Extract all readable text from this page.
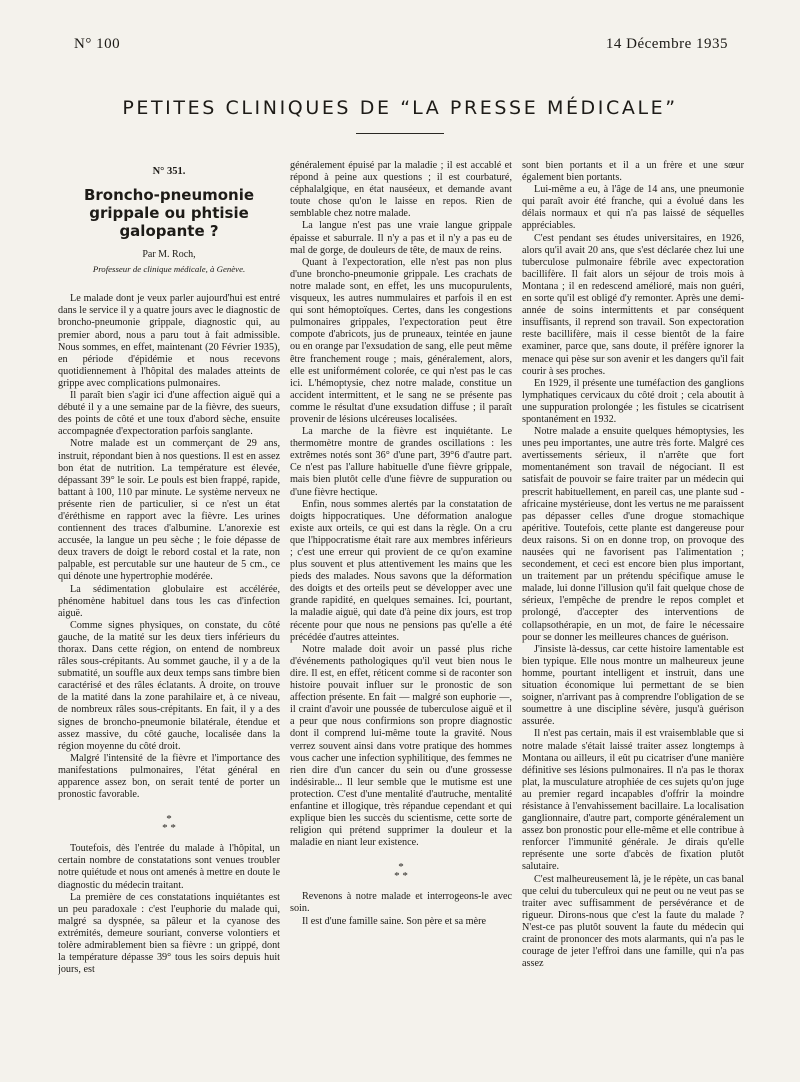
N° 100	14 Décembre 1935
PETITES CLINIQUES DE “LA PRESSE MÉDICALE”
N° 351.
Broncho-pneumonie grippale ou phtisie galopante ?
Par M. Roch,
Professeur de clinique médicale, à Genève.

Le malade dont je veux parler aujourd'hui est entré dans le service il y a quatre jours avec le diagnostic de broncho-pneumonie grippale, diagnostic qui, au premier abord, nous a paru tout à fait admissible. Nous sommes, en effet, maintenant (20 Février 1935), en période d'épidémie et nous recevons quotidiennement à l'hôpital des malades atteints de grippe avec complications pulmonaires.

Il paraît bien s'agir ici d'une affection aiguë qui a débuté il y a une semaine par de la fièvre, des sueurs, des points de côté et une toux d'abord sèche, ensuite accompagnée d'expectoration parfois sanglante.

Notre malade est un commerçant de 29 ans, instruit, répondant bien à nos questions. Il est en assez bon état de nutrition. La température est élevée, dépassant 39° le soir. Le pouls est bien frappé, rapide, battant à 100, 110 par minute. Le système nerveux ne présente rien de particulier, si ce n'est un état d'éréthisme en rapport avec la fièvre. Les urines contiennent des traces d'albumine. L'anorexie est accusée, la langue un peu sèche ; le foie dépasse de deux travers de doigt le rebord costal et la rate, non palpable, est percutable sur une hauteur de 5 cm., ce qui dénote une hypertrophie modérée.

La sédimentation globulaire est accélérée, phénomène habituel dans tous les cas d'infection aiguë.

Comme signes physiques, on constate, du côté gauche, de la matité sur les deux tiers inférieurs du thorax. Dans cette région, on entend de nombreux râles sous-crépitants. Au sommet gauche, il y a de la submatité, un souffle aux deux temps sans timbre bien caractérisé et des râles éclatants. A droite, on trouve de la matité dans la zone parahilaire et, à ce niveau, de nombreux râles sous-crépitants. En fait, il y a des signes de broncho-pneumonie bilatérale, étendue et assez massive, du côté gauche, localisée dans la région moyenne du côté droit.

Malgré l'intensité de la fièvre et l'importance des manifestations pulmonaires, l'état général en apparence assez bon, on serait tenté de porter un pronostic favorable.

*
* *

Toutefois, dès l'entrée du malade à l'hôpital, un certain nombre de constatations sont venues troubler notre quiétude et nous ont amenés à mettre en doute le diagnostic du médecin traitant.

La première de ces constatations inquiétantes est un peu paradoxale : c'est l'euphorie du malade qui, malgré sa dyspnée, sa pâleur et la cyanose des extrémités, demeure souriant, converse volontiers et tolère admirablement bien sa fièvre : un grippé, dont la température dépasse 39° tous les soirs depuis huit jours, est

généralement épuisé par la maladie ; il est accablé et répond à peine aux questions ; il est courbaturé, céphalalgique, en état nauséeux, et demande avant toute chose qu'on le laisse en repos. Rien de semblable chez notre malade.

La langue n'est pas une vraie langue grippale épaisse et saburrale. Il n'y a pas et il n'y a pas eu de mal de gorge, de douleurs de tête, de maux de reins.

Quant à l'expectoration, elle n'est pas non plus d'une broncho-pneumonie grippale. Les crachats de notre malade sont, en effet, les uns mucopurulents, visqueux, les autres nummulaires et parfois il en est qui sont hémoptoïques. Certes, dans les congestions pulmonaires grippales, l'expectoration peut être compote d'abricots, jus de pruneaux, teintée en jaune ou en orange par l'exsudation de sang, elle peut même être franchement rouge ; mais, généralement, alors, elle est uniformément colorée, ce qui n'est pas le cas ici. L'hémoptysie, chez notre malade, constitue un accident intermittent, et le sang ne se présente pas comme le résultat d'une exsudation diffuse ; il paraît provenir de lésions ulcéreuses localisées.

La marche de la fièvre est inquiétante. Le thermomètre montre de grandes oscillations : les extrêmes notés sont 36° d'une part, 39°6 d'autre part. Ce n'est pas l'allure habituelle d'une fièvre grippale, mais bien plutôt celle d'une fièvre de suppuration ou d'une fièvre hectique.

Enfin, nous sommes alertés par la constatation de doigts hippocratiques. Une déformation analogue existe aux orteils, ce qui est dans la règle. On a cru que l'hippocratisme était rare aux membres inférieurs ; c'est une erreur qui provient de ce qu'on examine plus souvent et plus attentivement les mains que les pieds des malades. Nous savons que la déformation des doigts et des orteils peut se développer avec une grande rapidité, en quelques semaines. Ici, pourtant, la maladie aiguë, qui date d'à peine dix jours, est trop récente pour que nous ne pensions pas qu'elle a été précédée d'autres atteintes.

Notre malade doit avoir un passé plus riche d'événements pathologiques qu'il veut bien nous le dire. Il est, en effet, réticent comme si de raconter son histoire pouvait influer sur le pronostic de son affection présente. En fait — malgré son euphorie —, il craint d'avoir une poussée de tuberculose aiguë et il a peur que nous confirmions son propre diagnostic dont il comprend lui-même toute la gravité. Nous verrez souvent ainsi dans votre pratique des hommes vous cacher une infection syphilitique, des femmes ne rien dire d'un cancer du sein ou d'une grossesse indésirable... Il leur semble que le mutisme est une protection. C'est d'une mentalité d'autruche, mentalité enfantine et illogique, très répandue cependant et qui explique bien les succès du scientisme, cette sorte de religion qui prétend supprimer la douleur et la maladie en niant leur existence.

*
* *

Revenons à notre malade et interrogeons-le avec soin.

Il est d'une famille saine. Son père et sa mère

sont bien portants et il a un frère et une sœur également bien portants.

Lui-même a eu, à l'âge de 14 ans, une pneumonie qui paraît avoir été franche, qui a évolué dans les délais normaux et qui n'a pas laissé de séquelles appréciables.

C'est pendant ses études universitaires, en 1926, alors qu'il avait 20 ans, que s'est déclarée chez lui une tuberculose pulmonaire fébrile avec expectoration bacillifère. Il fait alors un séjour de trois mois à Montana ; il en redescend amélioré, mais non guéri, en sorte qu'il est obligé d'y remonter. Après une demi-année de soins intermittents et par conséquent insuffisants, il reprend son travail. Son expectoration reste bacillifère, mais il cesse bientôt de la faire examiner, parce que, sans doute, il préfère ignorer la menace qui pèse sur son avenir et les dangers qu'il fait courir à ses proches.

En 1929, il présente une tuméfaction des ganglions lymphatiques cervicaux du côté droit ; cela aboutit à une suppuration prolongée ; les fistules se cicatrisent spontanément en 1932.

Notre malade a ensuite quelques hémoptysies, les unes peu importantes, une autre très forte. Malgré ces avertissements sérieux, il n'arrête que fort momentanément son travail de négociant. Il est satisfait de pouvoir se faire traiter par un médecin qui prescrit habituellement, en pareil cas, une plante sud - africaine mystérieuse, dont les vertus ne me paraissent pas dépasser celles d'une drogue stomachique apéritive. Toutefois, cette plante est dangereuse pour deux raisons. Si on en donne trop, on provoque des nausées qui ne favorisent pas l'alimentation ; secondement, et ceci est encore bien plus important, un traitement par un prétendu spécifique amuse le malade, lui donne l'illusion qu'il fait quelque chose de sérieux, l'empêche de prendre le repos complet et prolongé, d'accepter des interventions de collapsothérapie, en un mot, de faire le nécessaire pour se donner les meilleures chances de guérison.

J'insiste là-dessus, car cette histoire lamentable est bien typique. Elle nous montre un malheureux jeune homme, pourtant intelligent et instruit, dans une situation économique lui permettant de se bien soigner, n'arrivant pas à comprendre l'obligation de se soumettre à une discipline sévère, jusqu'à guérison assurée.

Il n'est pas certain, mais il est vraisemblable que si notre malade s'était laissé traiter assez longtemps à Montana ou ailleurs, il eût pu cicatriser d'une manière définitive ses lésions pulmonaires. Il n'a pas le thorax plat, la musculature atrophiée de ces sujets qu'on juge au premier regard incapables d'offrir la moindre résistance à l'envahissement bacillaire. La localisation ganglionnaire, d'autre part, comporte généralement un assez bon pronostic pour elle-même et elle contribue à renforcer l'immunité générale. Je dirais qu'elle représente une sorte d'abcès de fixation plutôt salutaire.

C'est malheureusement là, je le répète, un cas banal que celui du tuberculeux qui ne peut ou ne veut pas se traiter avec suffisamment de persévérance et de rigueur. Dirons-nous que c'est la faute du malade ? N'est-ce pas plutôt souvent la faute du médecin qui craint de prononcer des mots alarmants, qui n'a pas le courage de jeter l'effroi dans une famille, qui n'a pas assez
